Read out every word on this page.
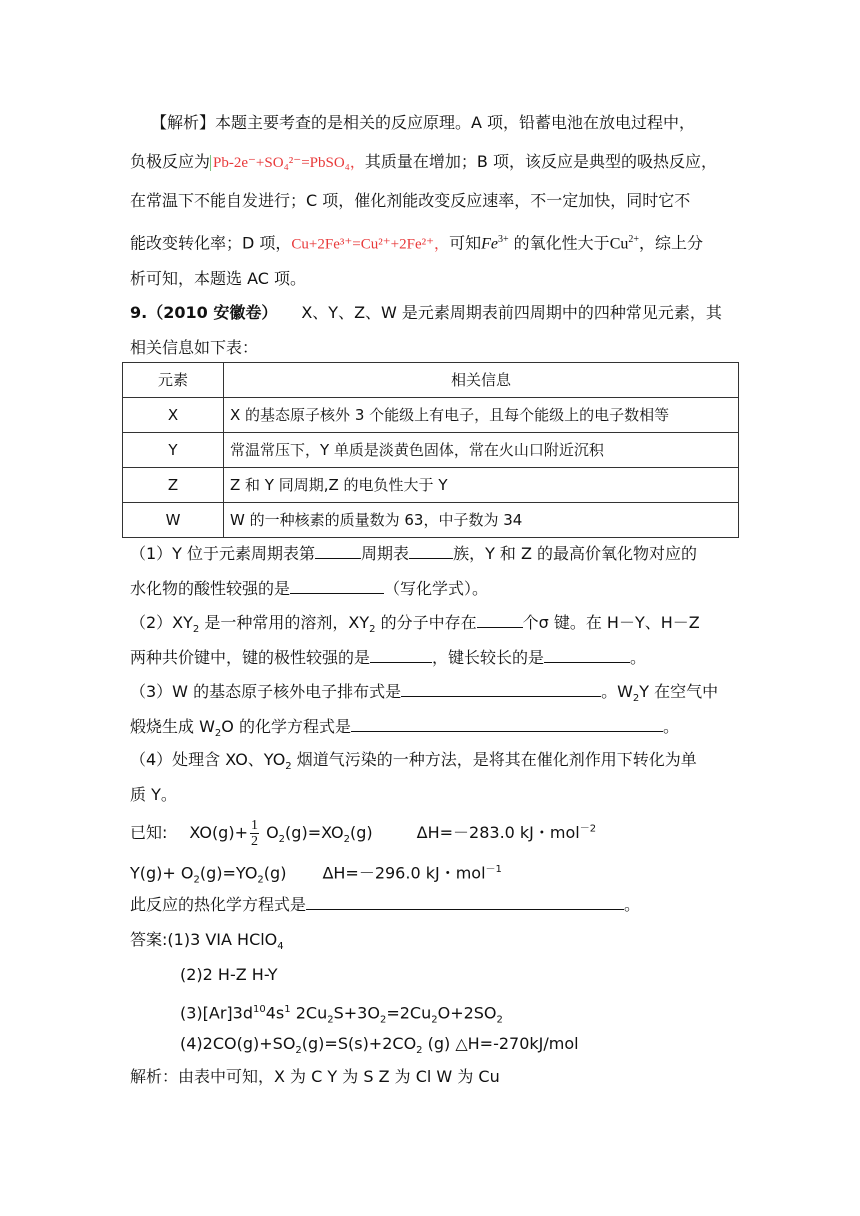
【解析】本题主要考查的是相关的反应原理。A 项，铅蓄电池在放电过程中，
负极反应为 Pb-2e⁻+SO₄²⁻=PbSO₄，其质量在增加；B 项，该反应是典型的吸热反应，
在常温下不能自发进行；C 项，催化剂能改变反应速率，不一定加快，同时它不
能改变转化率；D 项，Cu+2Fe³⁺=Cu²⁺+2Fe²⁺，可知$Fe^{3+}$ 的氧化性大于$Cu^{2+}$，综上分
析可知，本题选 AC 项。
9.（2010 安徽卷） X、Y、Z、W 是元素周期表前四周期中的四种常见元素，其
相关信息如下表：
元素	相关信息
X	X 的基态原子核外 3 个能级上有电子，且每个能级上的电子数相等
Y	常温常压下，Y 单质是淡黄色固体，常在火山口附近沉积
Z	Z 和 Y 同周期,Z 的电负性大于 Y
W	W 的一种核素的质量数为 63，中子数为 34
（1）Y 位于元素周期表第	周期表	族，Y 和 Z 的最高价氧化物对应的
水化物的酸性较强的是	（写化学式）。
$(2)XY_2$ 是一种常用的溶剂，$XY_2$ 的分子中存在	个σ 键。在 H－Y、H－Z
两种共价键中，键的极性较强的是	，键长较长的是	。
（3）W 的基态原子核外电子排布式是	。$W_2Y$ 在空气中
煅烧生成 $W_2O$ 的化学方程式是	。
（4）处理含 XO、$YO_2$ 烟道气污染的一种方法，是将其在催化剂作用下转化为单
质 Y。
已知: $XO(g)+ \frac{1}{2} O_2(g)=XO_2(g)$	ΔH=－283.0 kJ・mol$^{-2}$
$Y(g)+ O_2(g)=YO_2(g)$ ΔH=－296.0 kJ・mol$^{-1}$
此反应的热化学方程式是	。
答案:(1)3 VIA HClO$_4$
(2)2 H-Z H-Y
$(3)[Ar]3d^{10}4s^1$ $2Cu_2S+3O_2=2Cu_2O+2SO_2$
$(4)2CO(g)+SO_2(g)=S(s)+2CO_2$ (g) △H=-270kJ/mol
解析：由表中可知，X 为 C Y 为 S Z 为 Cl W 为 Cu
